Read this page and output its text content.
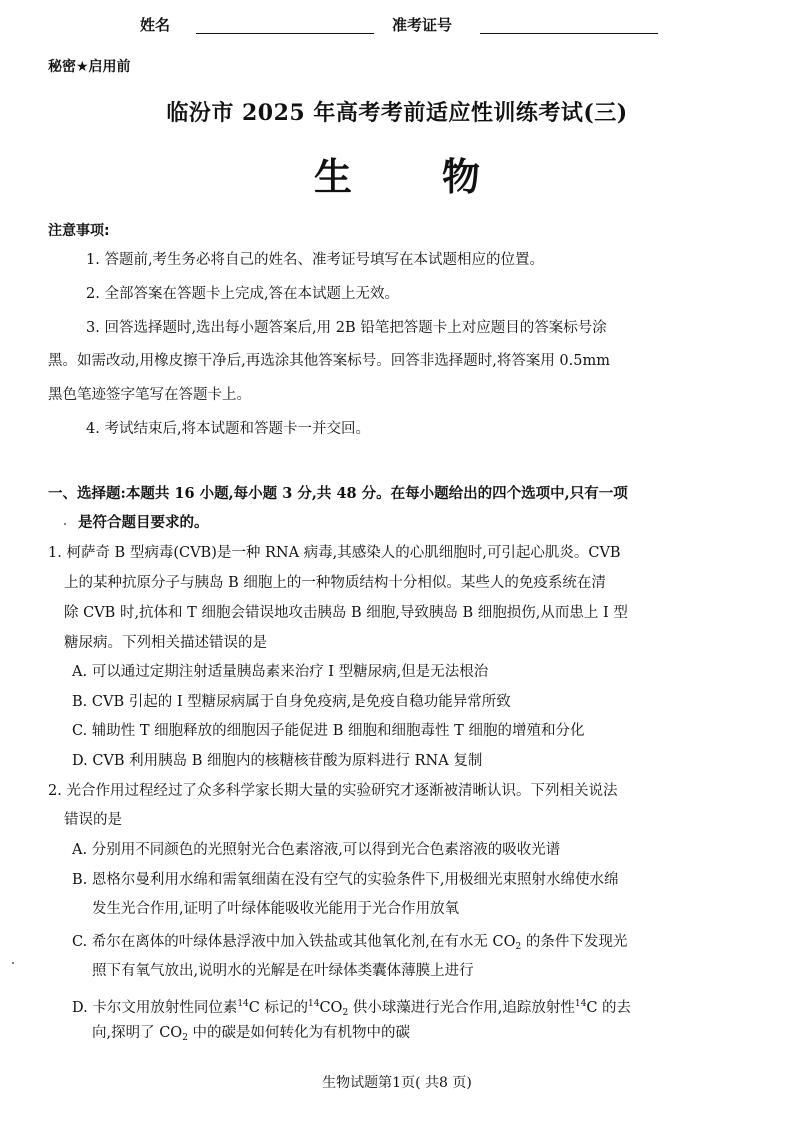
姓名	准考证号
秘密★启用前
临汾市 2025 年高考考前适应性训练考试(三)
生物
注意事项:
1. 答题前,考生务必将自己的姓名、准考证号填写在本试题相应的位置。
2. 全部答案在答题卡上完成,答在本试题上无效。
3. 回答选择题时,选出每小题答案后,用 2B 铅笔把答题卡上对应题目的答案标号涂
黑。如需改动,用橡皮擦干净后,再选涂其他答案标号。回答非选择题时,将答案用 0.5mm
黑色笔迹签字笔写在答题卡上。
4. 考试结束后,将本试题和答题卡一并交回。
一、选择题:本题共 16 小题,每小题 3 分,共 48 分。在每小题给出的四个选项中,只有一项
是符合题目要求的。
1. 柯萨奇 B 型病毒(CVB)是一种 RNA 病毒,其感染人的心肌细胞时,可引起心肌炎。CVB
上的某种抗原分子与胰岛 B 细胞上的一种物质结构十分相似。某些人的免疫系统在清
除 CVB 时,抗体和 T 细胞会错误地攻击胰岛 B 细胞,导致胰岛 B 细胞损伤,从而患上 I 型
糖尿病。下列相关描述错误的是
A. 可以通过定期注射适量胰岛素来治疗 I 型糖尿病,但是无法根治
B. CVB 引起的 I 型糖尿病属于自身免疫病,是免疫自稳功能异常所致
C. 辅助性 T 细胞释放的细胞因子能促进 B 细胞和细胞毒性 T 细胞的增殖和分化
D. CVB 利用胰岛 B 细胞内的核糖核苷酸为原料进行 RNA 复制
2. 光合作用过程经过了众多科学家长期大量的实验研究才逐渐被清晰认识。下列相关说法
错误的是
A. 分别用不同颜色的光照射光合色素溶液,可以得到光合色素溶液的吸收光谱
B. 恩格尔曼利用水绵和需氧细菌在没有空气的实验条件下,用极细光束照射水绵使水绵
发生光合作用,证明了叶绿体能吸收光能用于光合作用放氧
C. 希尔在离体的叶绿体悬浮液中加入铁盐或其他氧化剂,在有水无 $CO_2$ 的条件下发现光
照下有氧气放出,说明水的光解是在叶绿体类囊体薄膜上进行
D. 卡尔文用放射性同位素$^{14}$C 标记的$^{14}CO_2$ 供小球藻进行光合作用,追踪放射性$^{14}$C 的去
向,探明了 $CO_2$ 中的碳是如何转化为有机物中的碳
生物试题第1页( 共8 页)
